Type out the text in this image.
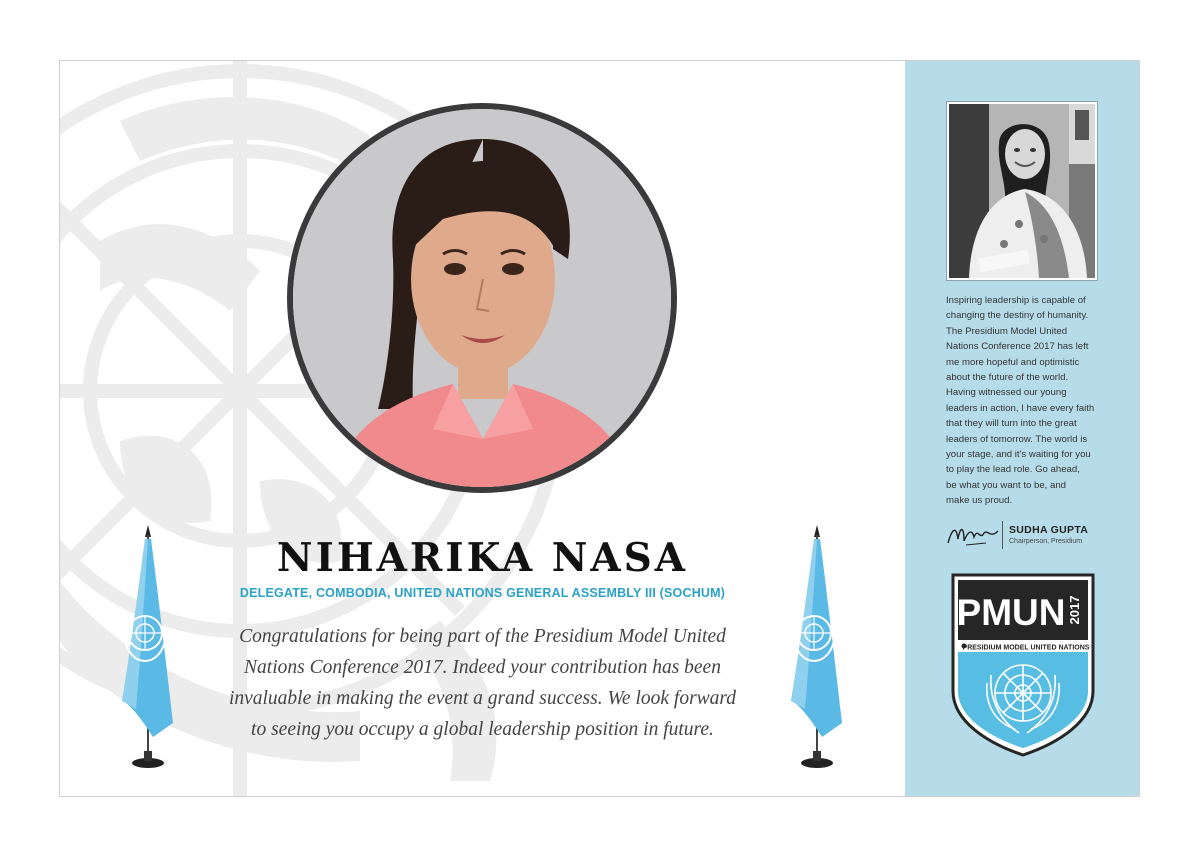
NIHARIKA NASA
DELEGATE, COMBODIA, UNITED NATIONS GENERAL ASSEMBLY III (SOCHUM)
Congratulations for being part of the Presidium Model United
Nations Conference 2017. Indeed your contribution has been
invaluable in making the event a grand success. We look forward
to seeing you occupy a global leadership position in future.
Inspiring leadership is capable of
changing the destiny of humanity.
The Presidium Model United
Nations Conference 2017 has left
me more hopeful and optimistic
about the future of the world.
Having witnessed our young
leaders in action, I have every faith
that they will turn into the great
leaders of tomorrow. The world is
your stage, and it's waiting for you
to play the lead role. Go ahead,
be what you want to be, and
make us proud.
SUDHA GUPTA
Chairperson, Presidium
PMUN 2017
PRESIDIUM MODEL UNITED NATIONS
